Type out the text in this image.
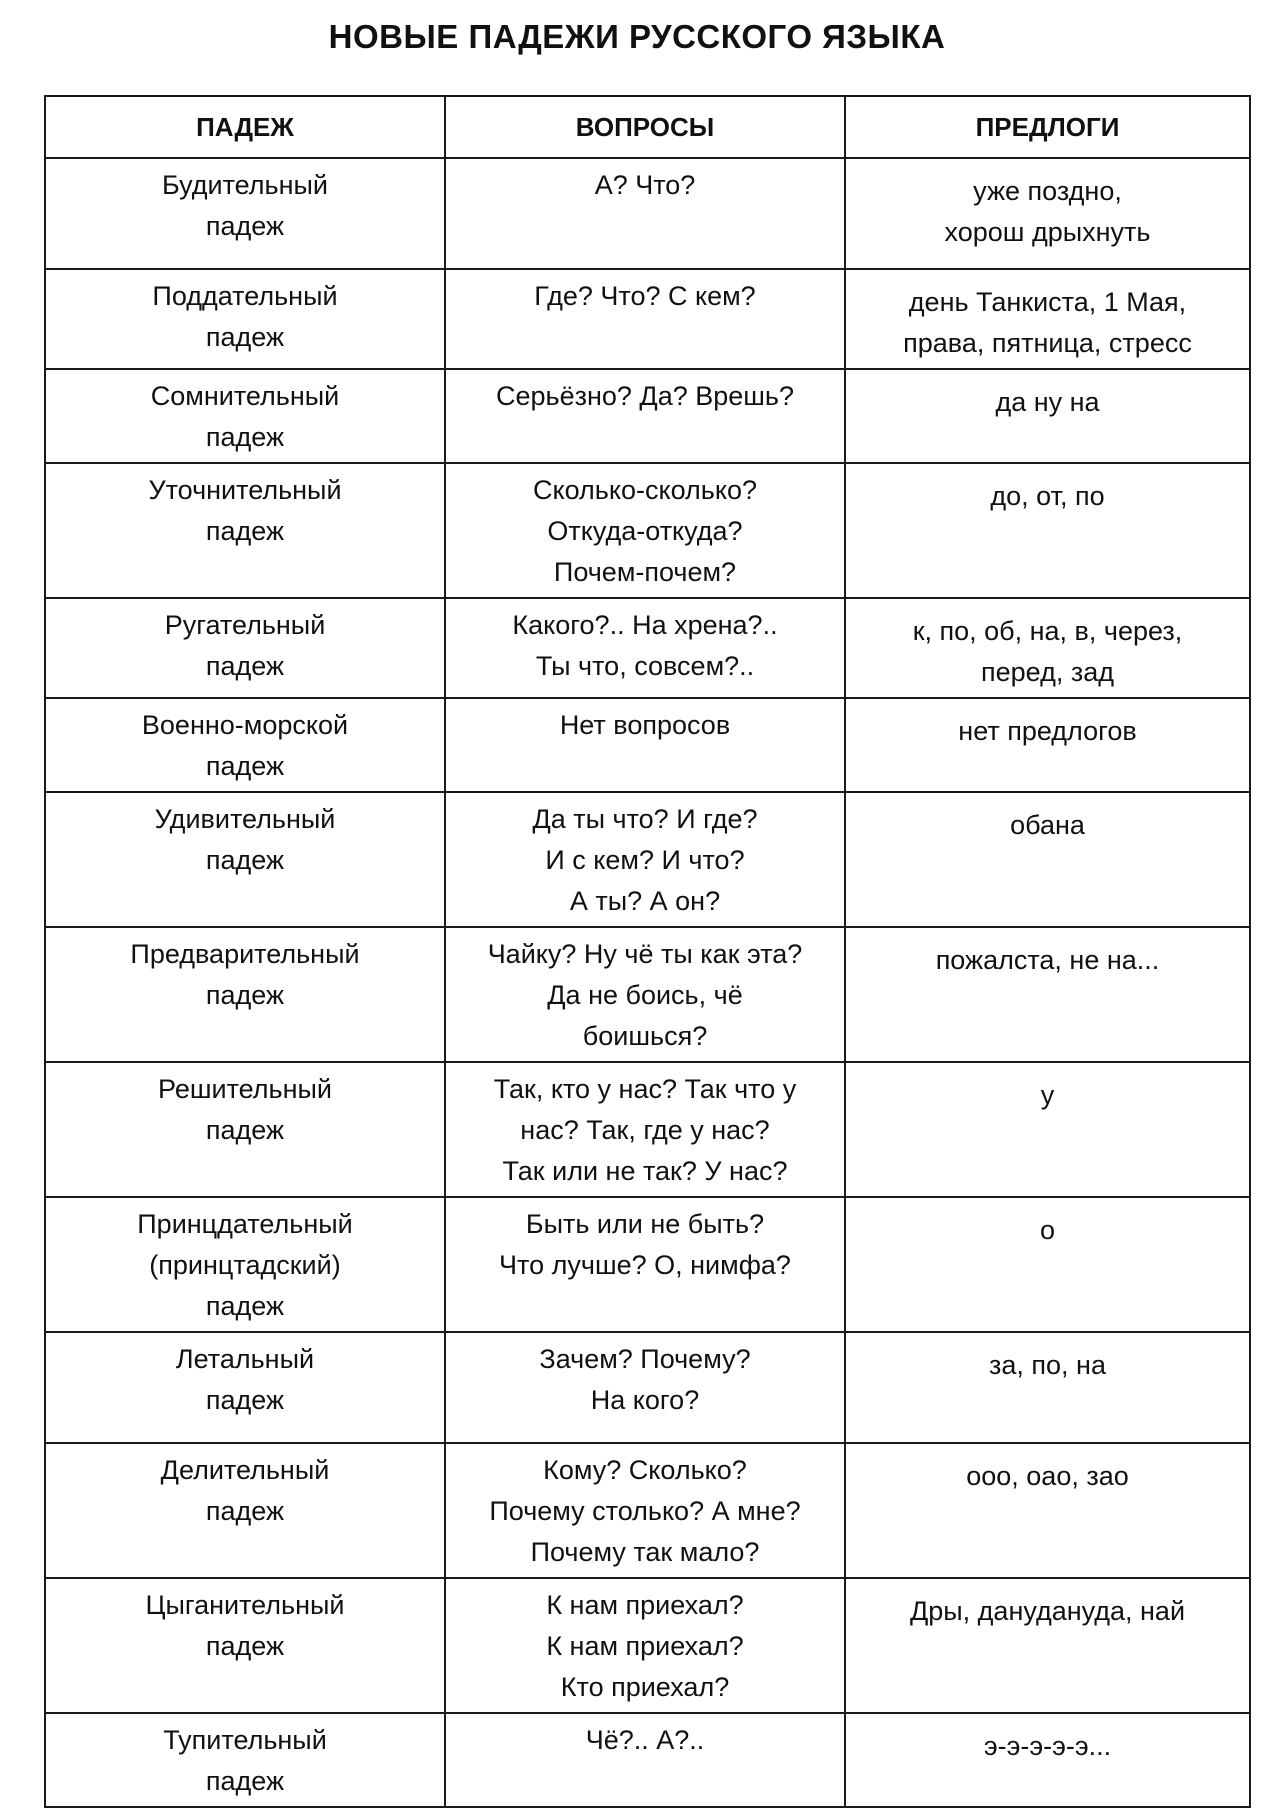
НОВЫЕ ПАДЕЖИ РУССКОГО ЯЗЫКА
ПАДЕЖ	ВОПРОСЫ	ПРЕДЛОГИ

Будительный
падеж	А? Что?	уже поздно,
хорош дрыхнуть

Поддательный
падеж	Где? Что? С кем?	день Танкиста, 1 Мая,
права, пятница, стресс

Сомнительный
падеж	Серьёзно? Да? Врешь?	да ну на

Уточнительный
падеж	Сколько-сколько?
Откуда-откуда?
Почем-почем?	до, от, по

Ругательный
падеж	Какого?.. На хрена?..
Ты что, совсем?..	к, по, об, на, в, через,
перед, зад

Военно-морской
падеж	Нет вопросов	нет предлогов

Удивительный
падеж	Да ты что? И где?
И с кем? И что?
А ты? А он?	обана

Предварительный
падеж	Чайку? Ну чё ты как эта?
Да не боись, чё
боишься?	пожалста, не на...

Решительный
падеж	Так, кто у нас? Так что у
нас? Так, где у нас?
Так или не так? У нас?	у

Принцдательный
(принцтадский)
падеж	Быть или не быть?
Что лучше? О, нимфа?	о

Летальный
падеж	Зачем? Почему?
На кого?	за, по, на

Делительный
падеж	Кому? Сколько?
Почему столько? А мне?
Почему так мало?	ооо, оао, зао

Цыганительный
падеж	К нам приехал?
К нам приехал?
Кто приехал?	Дры, дануданудa, най

Тупительный
падеж	Чё?.. А?..	э-э-э-э-э...
